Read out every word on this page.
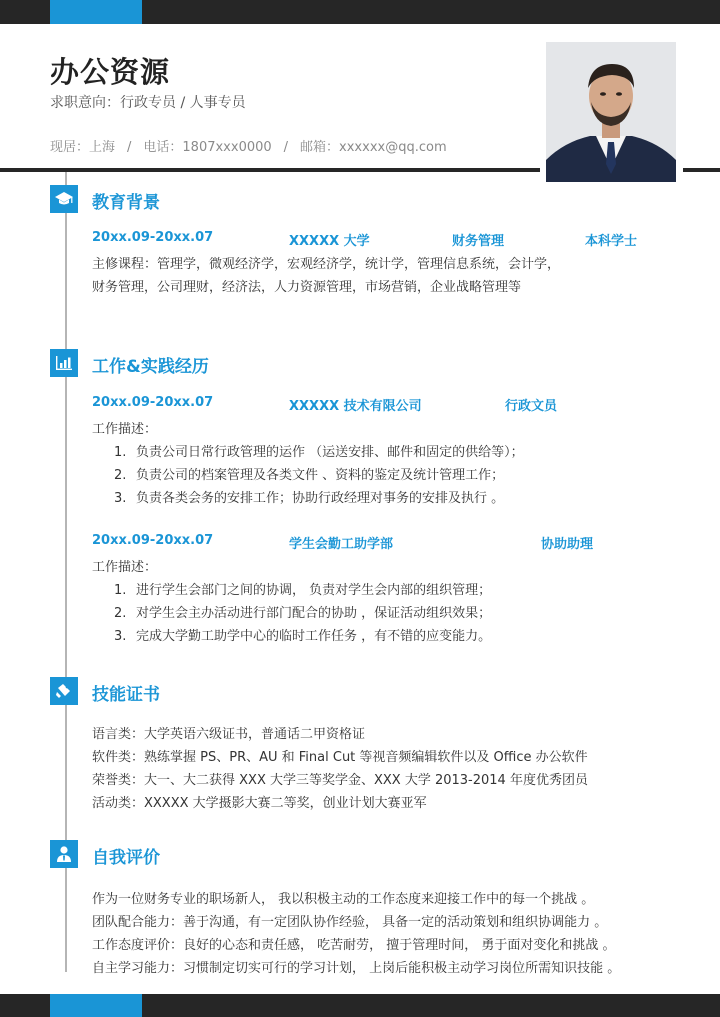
办公资源
求职意向：行政专员 / 人事专员
现居：上海 / 电话：1807xxx0000 / 邮箱：xxxxxx@qq.com
教育背景
20xx.09-20xx.07	XXXXX 大学	财务管理	本科学士
主修课程：管理学，微观经济学，宏观经济学，统计学，管理信息系统，会计学，
财务管理，公司理财，经济法，人力资源管理，市场营销，企业战略管理等
工作&实践经历
20xx.09-20xx.07	XXXXX 技术有限公司	行政文员
工作描述：
1. 负责公司日常行政管理的运作 （运送安排、邮件和固定的供给等）；
2. 负责公司的档案管理及各类文件 、资料的鉴定及统计管理工作；
3. 负责各类会务的安排工作；协助行政经理对事务的安排及执行 。
20xx.09-20xx.07	学生会勤工助学部	协助助理
工作描述：
1. 进行学生会部门之间的协调， 负责对学生会内部的组织管理；
2. 对学生会主办活动进行部门配合的协助 ，保证活动组织效果；
3. 完成大学勤工助学中心的临时工作任务 ，有不错的应变能力。
技能证书
语言类：大学英语六级证书，普通话二甲资格证
软件类：熟练掌握 PS、PR、AU 和 Final Cut 等视音频编辑软件以及 Office 办公软件
荣誉类：大一、大二获得 XXX 大学三等奖学金、XXX 大学 2013-2014 年度优秀团员
活动类：XXXXX 大学摄影大赛二等奖，创业计划大赛亚军
自我评价
作为一位财务专业的职场新人， 我以积极主动的工作态度来迎接工作中的每一个挑战 。
团队配合能力：善于沟通，有一定团队协作经验， 具备一定的活动策划和组织协调能力 。
工作态度评价：良好的心态和责任感， 吃苦耐劳， 擅于管理时间， 勇于面对变化和挑战 。
自主学习能力：习惯制定切实可行的学习计划， 上岗后能积极主动学习岗位所需知识技能 。
